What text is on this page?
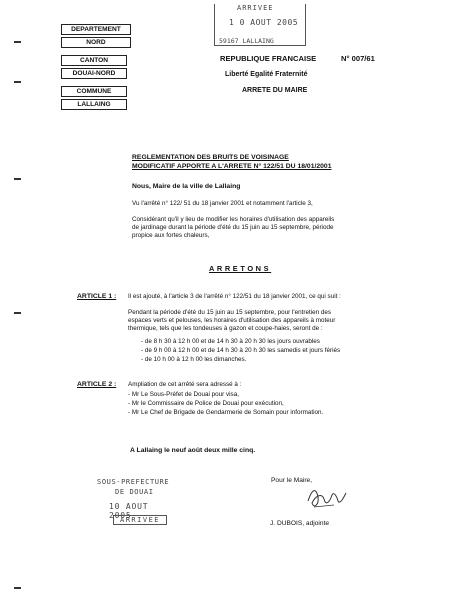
DEPARTEMENT
NORD
CANTON
DOUAI-NORD
COMMUNE
LALLAING
ARRIVEE
1 0 AOUT 2005
59167 LALLAING
REPUBLIQUE FRANCAISE	N° 007/61
Liberté Egalité Fraternité
ARRETE DU MAIRE
REGLEMENTATION DES BRUITS DE VOISINAGE
MODIFICATIF APPORTE A L'ARRETE N° 122/51 DU 18/01/2001
Nous, Maire de la ville de Lallaing
Vu l'arrêté n° 122/ 51 du 18 janvier 2001 et notamment l'article 3,
Considérant qu'il y lieu de modifier les horaires d'utilisation des appareils
de jardinage durant la période d'été du 15 juin au 15 septembre, période
propice aux fortes chaleurs,
ARRETONS
ARTICLE 1 : Il est ajouté, à l'article 3 de l'arrêté n° 122/51 du 18 janvier 2001, ce qui suit :
Pendant la période d'été du 15 juin au 15 septembre, pour l'entretien des
espaces verts et pelouses, les horaires d'utilisation des appareils à moteur
thermique, tels que les tondeuses à gazon et coupe-haies, seront de :
- de 8 h 30 à 12 h 00 et de 14 h 30 à 20 h 30 les jours ouvrables
- de 9 h 00 à 12 h 00 et de 14 h 30 à 20 h 30 les samedis et jours fériés
- de 10 h 00 à 12 h 00 les dimanches.
ARTICLE 2 : Ampliation de cet arrêté sera adressé à :
- Mr Le Sous-Préfet de Douai pour visa,
- Mr le Commissaire de Police de Douai pour exécution,
- Mr Le Chef de Brigade de Gendarmerie de Somain pour information.
A Lallaing le neuf août deux mille cinq.
Pour le Maire,
J. DUBOIS, adjointe
SOUS-PREFECTURE
DE DOUAI
10 AOUT 2005
ARRIVEE
